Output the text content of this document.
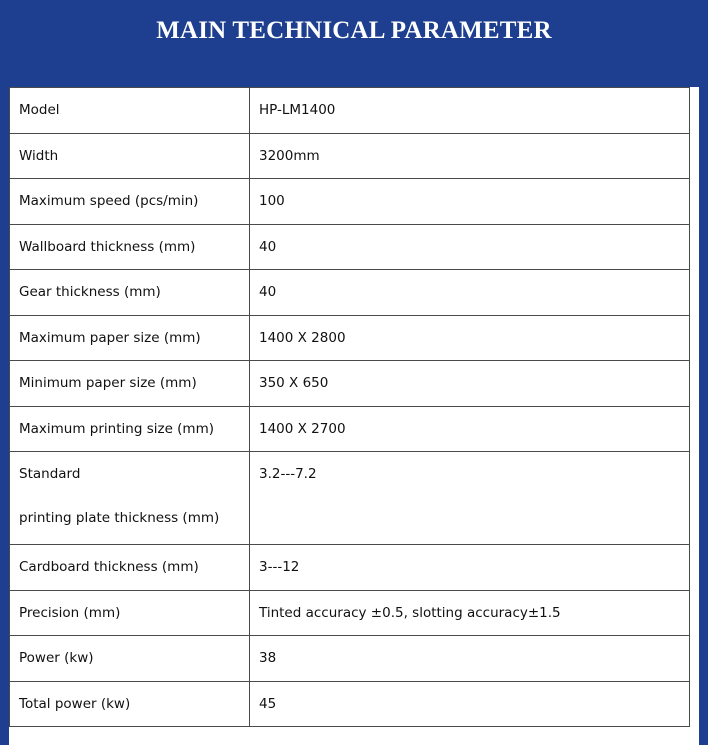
MAIN TECHNICAL PARAMETER
Model	HP-LM1400
Width	3200mm
Maximum speed (pcs/min)	100
Wallboard thickness (mm)	40
Gear thickness (mm)	40
Maximum paper size (mm)	1400 X 2800
Minimum paper size (mm)	350 X 650
Maximum printing size (mm)	1400 X 2700
Standard
printing plate thickness (mm)	3.2---7.2
Cardboard thickness (mm)	3---12
Precision (mm)	Tinted accuracy ±0.5, slotting accuracy±1.5
Power (kw)	38
Total power (kw)	45
